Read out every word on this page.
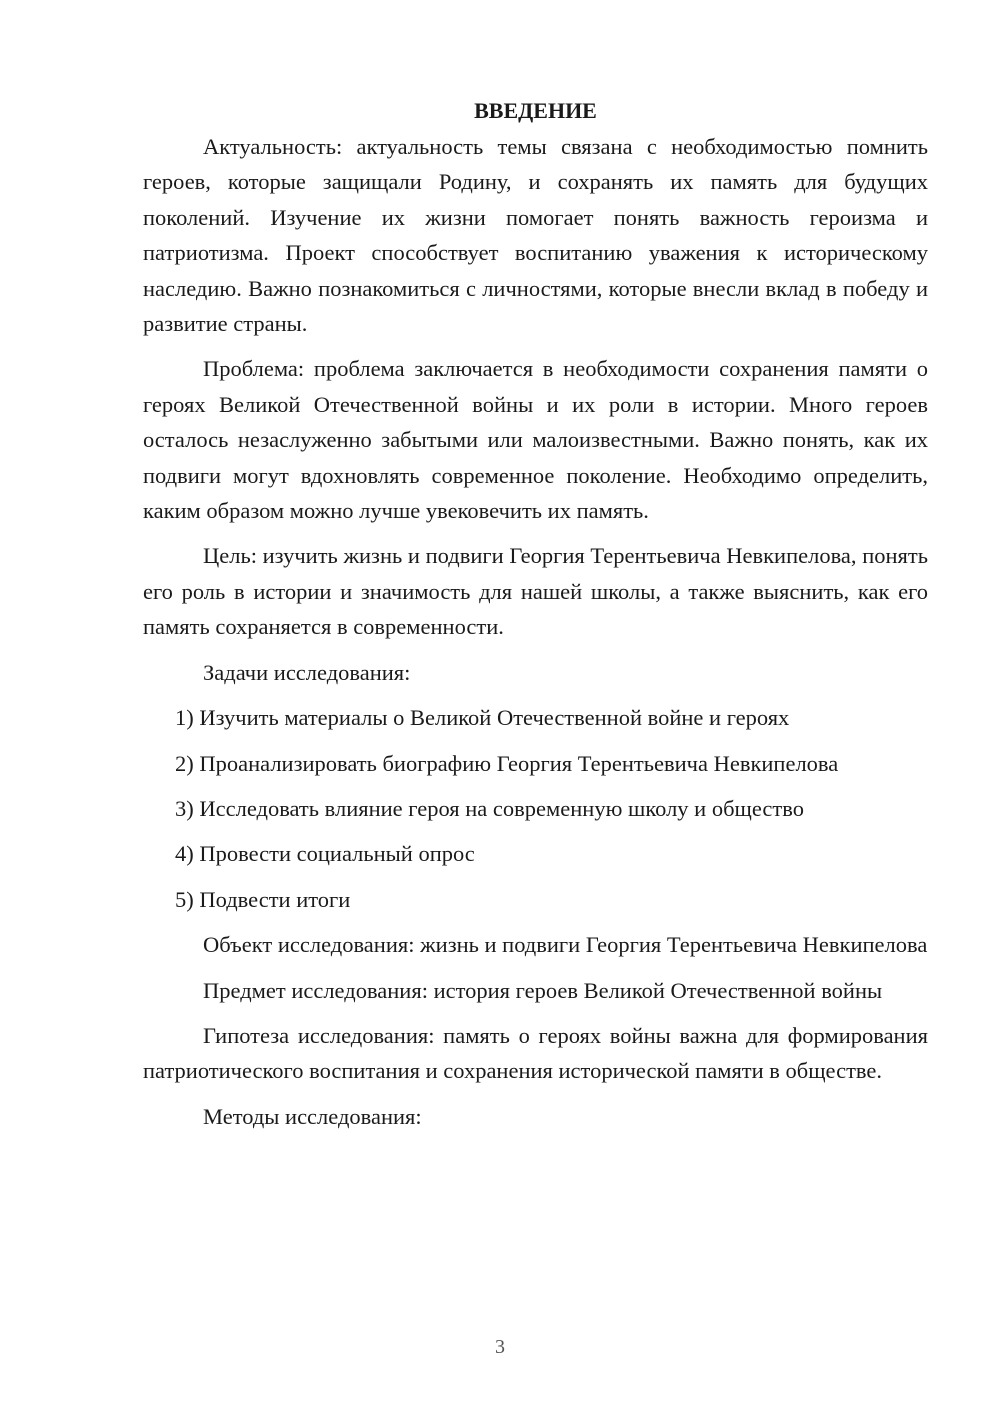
ВВЕДЕНИЕ

Актуальность: актуальность темы связана с необходимостью помнить героев, которые защищали Родину, и сохранять их память для будущих поколений. Изучение их жизни помогает понять важность героизма и патриотизма. Проект способствует воспитанию уважения к историческому наследию. Важно познакомиться с личностями, которые внесли вклад в победу и развитие страны.

Проблема: проблема заключается в необходимости сохранения памяти о героях Великой Отечественной войны и их роли в истории. Много героев осталось незаслуженно забытыми или малоизвестными. Важно понять, как их подвиги могут вдохновлять современное поколение. Необходимо определить, каким образом можно лучше увековечить их память.

Цель: изучить жизнь и подвиги Георгия Терентьевича Невкипелова, понять его роль в истории и значимость для нашей школы, а также выяснить, как его память сохраняется в современности.

Задачи исследования:

1) Изучить материалы о Великой Отечественной войне и героях
2) Проанализировать биографию Георгия Терентьевича Невкипелова
3) Исследовать влияние героя на современную школу и общество
4) Провести социальный опрос
5) Подвести итоги

Объект исследования: жизнь и подвиги Георгия Терентьевича Невкипелова

Предмет исследования: история героев Великой Отечественной войны

Гипотеза исследования: память о героях войны важна для формирования патриотического воспитания и сохранения исторической памяти в обществе.

Методы исследования:

3
